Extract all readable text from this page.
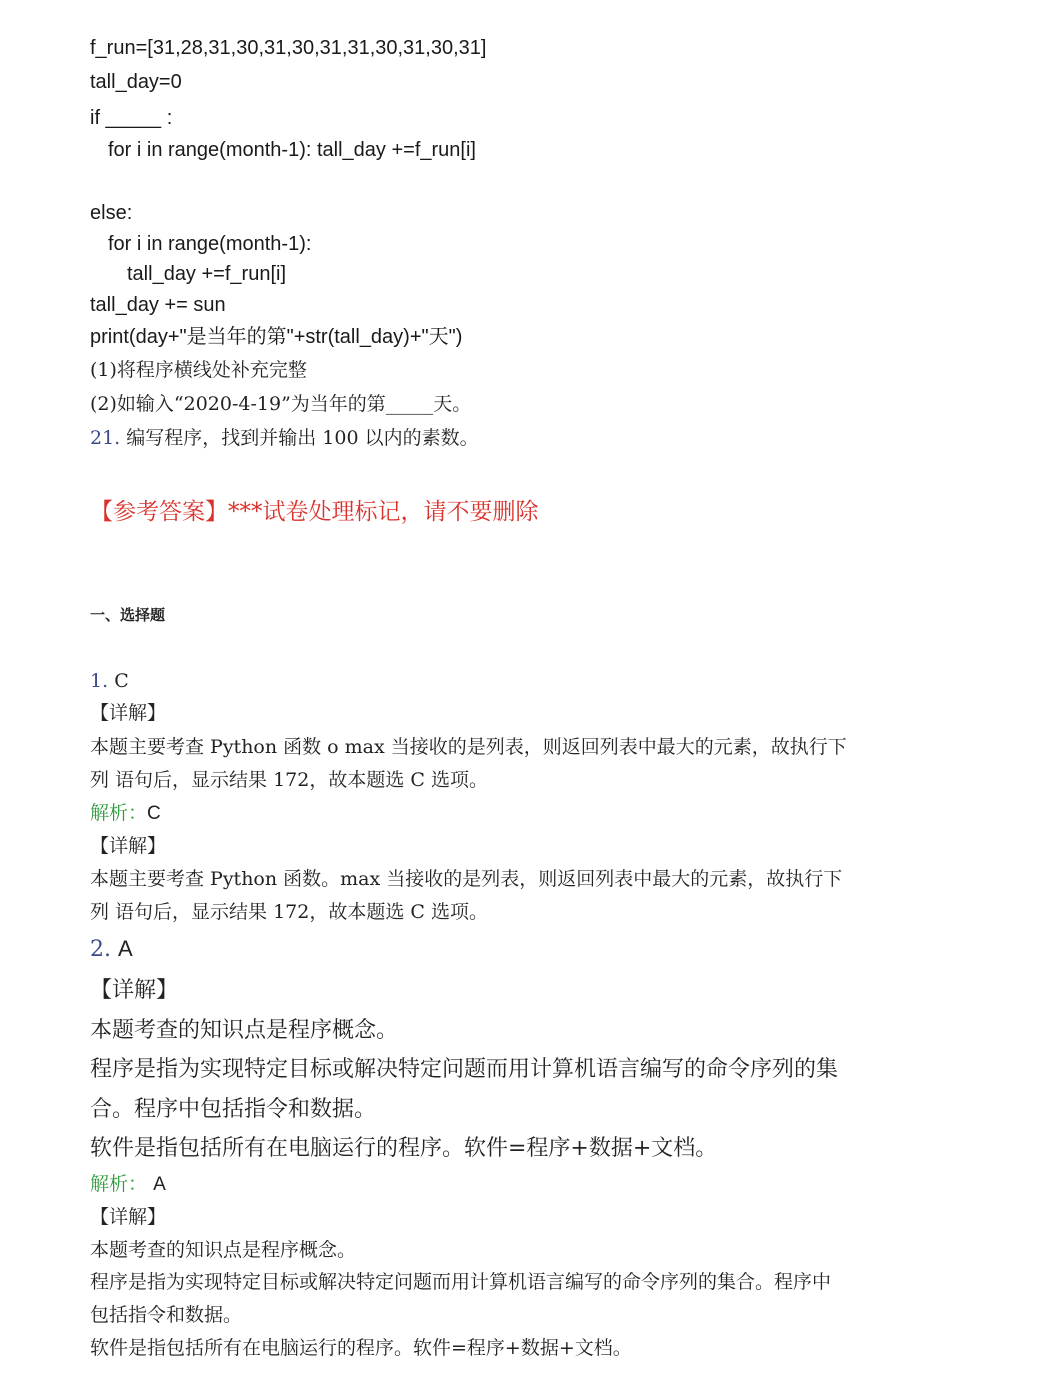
f_run=[31,28,31,30,31,30,31,31,30,31,30,31]
tall_day=0
if _____ :
for i in range(month-1): tall_day +=f_run[i]
else:
for i in range(month-1):
tall_day +=f_run[i]
tall_day += sun
print(day+"是当年的第"+str(tall_day)+"天")
(1)将程序横线处补充完整
(2)如输入“2020-4-19”为当年的第_____天。
21. 编写程序，找到并输出 100 以内的素数。
【参考答案】***试卷处理标记，请不要删除
一、选择题
1. C
【详解】
本题主要考查 Python 函数 o max 当接收的是列表，则返回列表中最大的元素，故执行下
列 语句后，显示结果 172，故本题选 C 选项。
解析：C
【详解】
本题主要考查 Python 函数。max 当接收的是列表，则返回列表中最大的元素，故执行下
列 语句后，显示结果 172，故本题选 C 选项。
2. A
【详解】
本题考查的知识点是程序概念。
程序是指为实现特定目标或解决特定问题而用计算机语言编写的命令序列的集
合。程序中包括指令和数据。
软件是指包括所有在电脑运行的程序。软件=程序+数据+文档。
解析： A
【详解】
本题考查的知识点是程序概念。
程序是指为实现特定目标或解决特定问题而用计算机语言编写的命令序列的集合。程序中
包括指令和数据。
软件是指包括所有在电脑运行的程序。软件=程序+数据+文档。
